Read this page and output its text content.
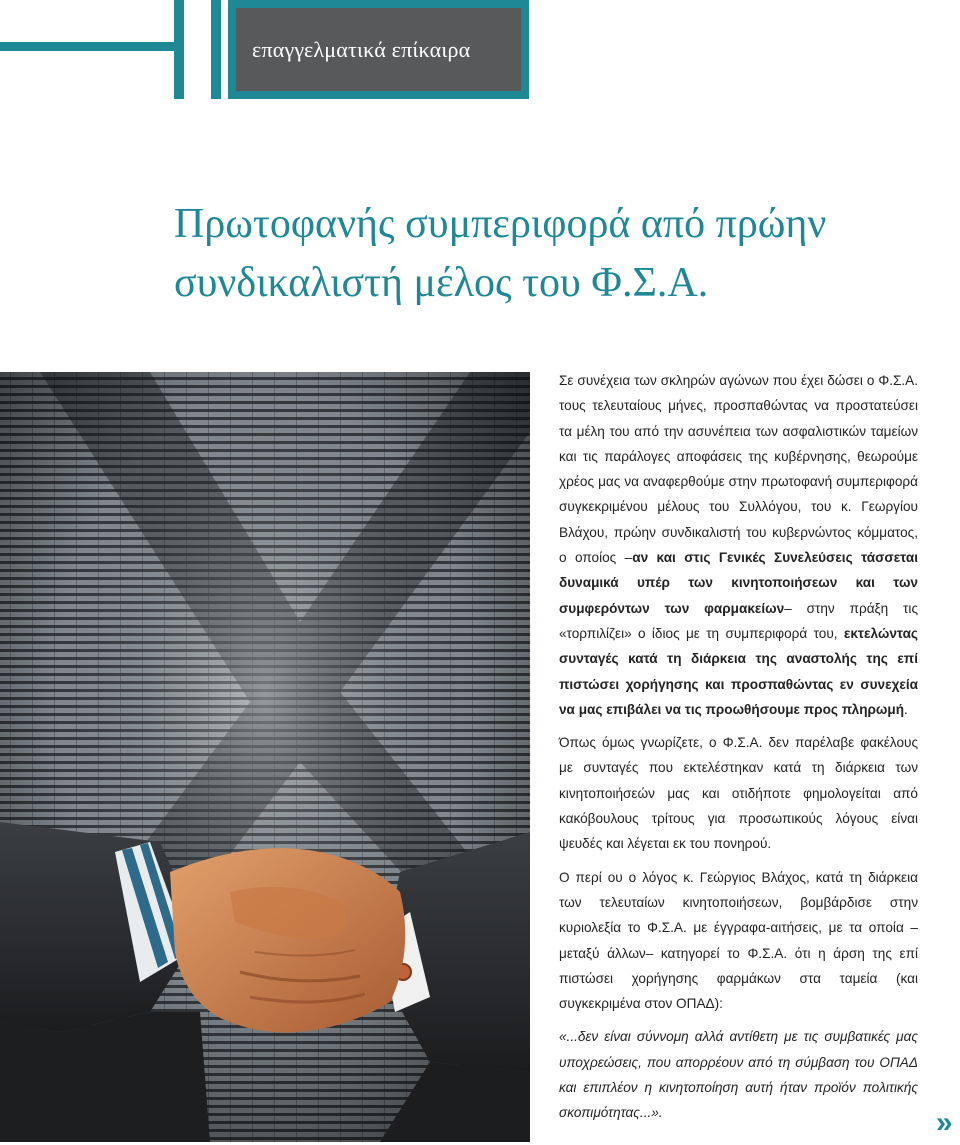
επαγγελματικά επίκαιρα
Πρωτοφανής συμπεριφορά από πρώην
συνδικαλιστή μέλος του Φ.Σ.Α.

Σε συνέχεια των σκληρών αγώνων που έχει δώσει ο Φ.Σ.Α. τους τελευταίους μήνες, προσπαθώντας να προστατεύσει τα μέλη του από την ασυνέπεια των ασφαλιστικών ταμείων και τις παράλογες αποφάσεις της κυβέρνησης, θεωρούμε χρέος μας να αναφερθούμε στην πρωτοφανή συμπεριφορά συγκεκριμένου μέλους του Συλλόγου, του κ. Γεωργίου Βλάχου, πρώην συνδικαλιστή του κυβερνώντος κόμματος, ο οποίος –αν και στις Γενικές Συνελεύσεις τάσσεται δυναμικά υπέρ των κινητοποιήσεων και των συμφερόντων των φαρμακείων– στην πράξη τις «τορπιλίζει» ο ίδιος με τη συμπεριφορά του, εκτελώντας συνταγές κατά τη διάρκεια της αναστολής της επί πιστώσει χορήγησης και προσπαθώντας εν συνεχεία να μας επιβάλει να τις προωθήσουμε προς πληρωμή.

Όπως όμως γνωρίζετε, ο Φ.Σ.Α. δεν παρέλαβε φακέλους με συνταγές που εκτελέστηκαν κατά τη διάρκεια των κινητοποιήσεών μας και οτιδήποτε φημολογείται από κακόβουλους τρίτους για προσωπικούς λόγους είναι ψευδές και λέγεται εκ του πονηρού.

Ο περί ου ο λόγος κ. Γεώργιος Βλάχος, κατά τη διάρκεια των τελευταίων κινητοποιήσεων, βομβάρδισε στην κυριολεξία το Φ.Σ.Α. με έγγραφα-αιτήσεις, με τα οποία –μεταξύ άλλων– κατηγορεί το Φ.Σ.Α. ότι η άρση της επί πιστώσει χορήγησης φαρμάκων στα ταμεία (και συγκεκριμένα στον ΟΠΑΔ):

«...δεν είναι σύννομη αλλά αντίθετη με τις συμβατικές μας υποχρεώσεις, που απορρέουν από τη σύμβαση του ΟΠΑΔ και επιπλέον η κινητοποίηση αυτή ήταν προϊόν πολιτικής σκοπιμότητας...».	»
